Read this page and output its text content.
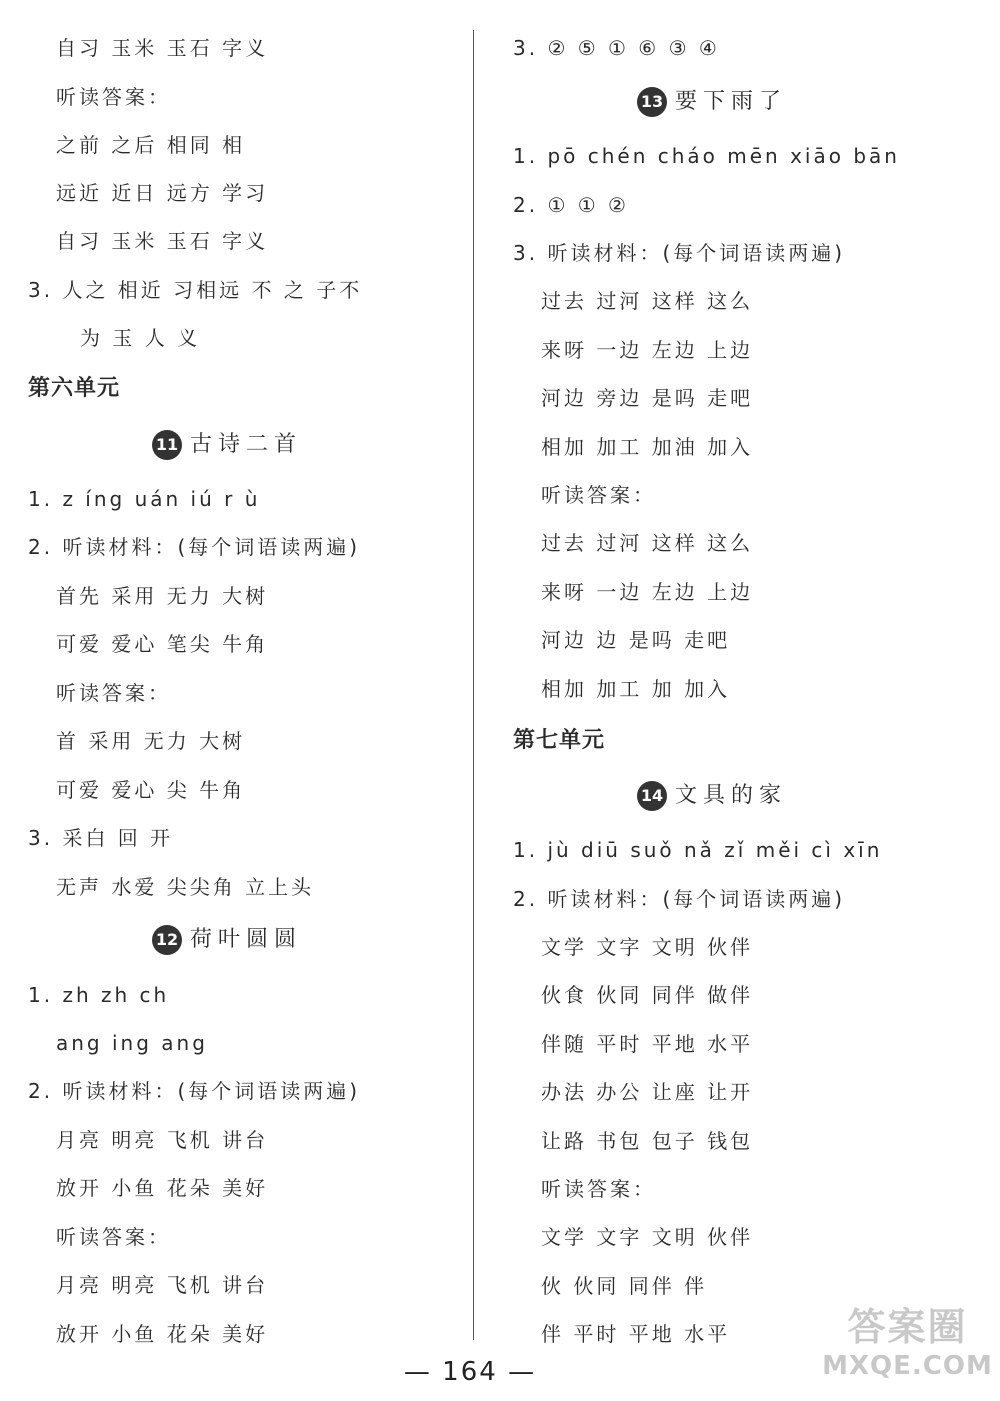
自习 玉米 玉石 字义
听读答案：
之前 之后 相同 相
远近 近日 远方 学习
自习 玉米 玉石 字义
3. 人之 相近 习相远 不 之 子不
为 玉 人 义
第六单元
11 古诗二首
1. z íng uán iú r ù
2. 听读材料：(每个词语读两遍)
首先 采用 无力 大树
可爱 爱心 笔尖 牛角
听读答案：
首 采用 无力 大树
可爱 爱心 尖 牛角
3. 采白 回 开
无声 水爱 尖尖角 立上头
12 荷叶圆圆
1. zh zh ch
ang ing ang
2. 听读材料：(每个词语读两遍)
月亮 明亮 飞机 讲台
放开 小鱼 花朵 美好
听读答案：
月亮 明亮 飞机 讲台
放开 小鱼 花朵 美好
3. ② ⑤ ① ⑥ ③ ④
13 要下雨了
1. pō chén cháo mēn xiāo bān
2. ① ① ②
3. 听读材料：(每个词语读两遍)
过去 过河 这样 这么
来呀 一边 左边 上边
河边 旁边 是吗 走吧
相加 加工 加油 加入
听读答案：
过去 过河 这样 这么
来呀 一边 左边 上边
河边 边 是吗 走吧
相加 加工 加 加入
第七单元
14 文具的家
1. jù diū suǒ nǎ zǐ měi cì xīn
2. 听读材料：(每个词语读两遍)
文学 文字 文明 伙伴
伙食 伙同 同伴 做伴
伴随 平时 平地 水平
办法 办公 让座 让开
让路 书包 包子 钱包
听读答案：
文学 文字 文明 伙伴
伙 伙同 同伴 伴
伴 平时 平地 水平
— 164 —
答案圈
MXQE.COM
